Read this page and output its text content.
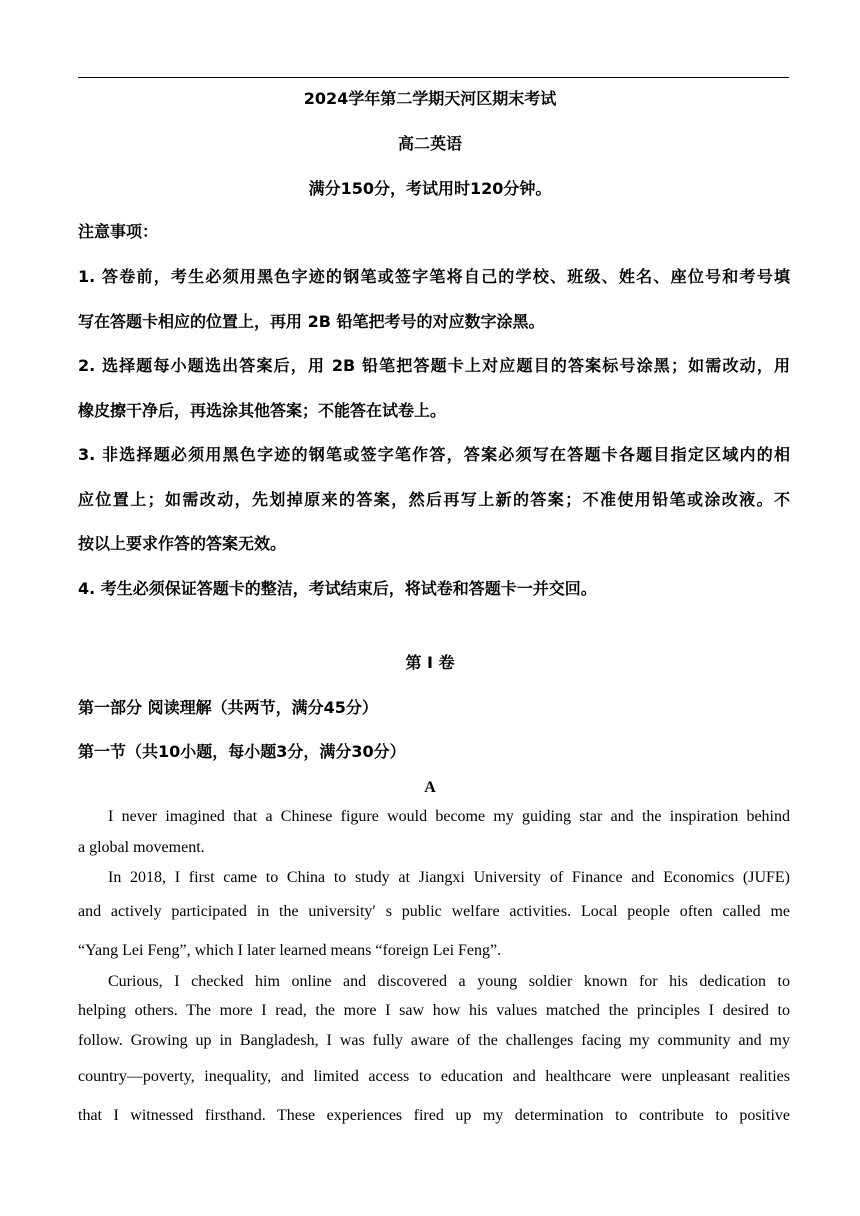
2024学年第二学期天河区期末考试
高二英语
满分150分，考试用时120分钟。
注意事项：
1. 答卷前，考生必须用黑色字迹的钢笔或签字笔将自己的学校、班级、姓名、座位号和考号填
写在答题卡相应的位置上，再用 2B 铅笔把考号的对应数字涂黑。
2. 选择题每小题选出答案后，用 2B 铅笔把答题卡上对应题目的答案标号涂黑；如需改动，用
橡皮擦干净后，再选涂其他答案；不能答在试卷上。
3. 非选择题必须用黑色字迹的钢笔或签字笔作答，答案必须写在答题卡各题目指定区域内的相
应位置上；如需改动，先划掉原来的答案，然后再写上新的答案；不准使用铅笔或涂改液。不
按以上要求作答的答案无效。
4. 考生必须保证答题卡的整洁，考试结束后，将试卷和答题卡一并交回。
第 I 卷
第一部分 阅读理解（共两节，满分45分）
第一节（共10小题，每小题3分，满分30分）
A
I never imagined that a Chinese figure would become my guiding star and the inspiration behind
a global movement.
In 2018, I first came to China to study at Jiangxi University of Finance and Economics (JUFE)
and actively participated in the university′ s public welfare activities. Local people often called me
“Yang Lei Feng”, which I later learned means “foreign Lei Feng”.
Curious, I checked him online and discovered a young soldier known for his dedication to
helping others. The more I read, the more I saw how his values matched the principles I desired to
follow. Growing up in Bangladesh, I was fully aware of the challenges facing my community and my
country—poverty, inequality, and limited access to education and healthcare were unpleasant realities
that I witnessed firsthand. These experiences fired up my determination to contribute to positive
